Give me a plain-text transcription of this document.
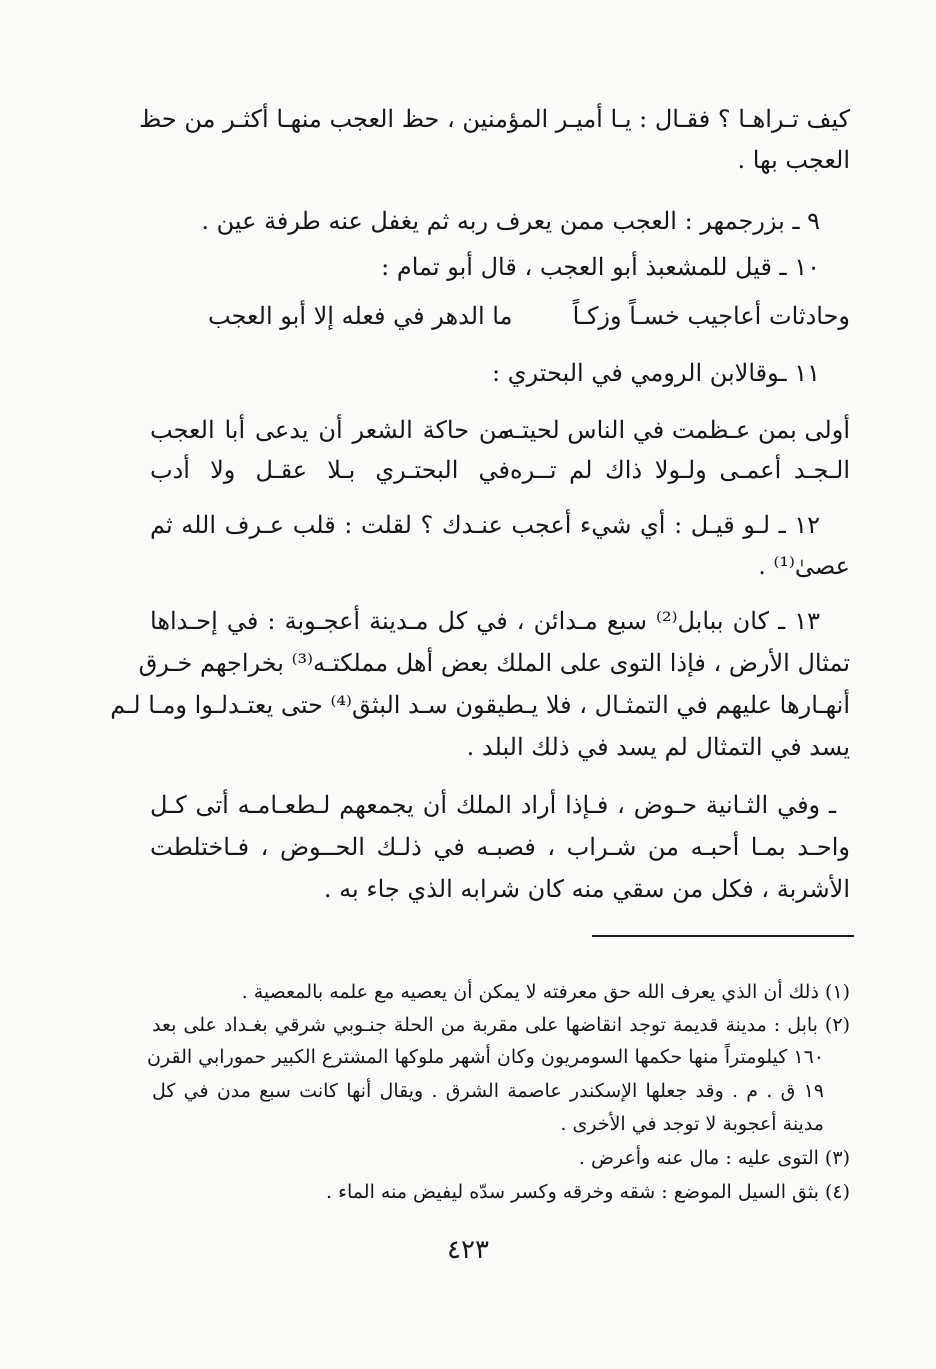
كيف تـراهـا ؟ فقـال : يـا أميـر المؤمنين ، حظ العجب منهـا أكثـر من حظ
العجب بها .
٩ ـ بزرجمهر : العجب ممن يعرف ربه ثم يغفل عنه طرفة عين .
١٠ ـ قيل للمشعبذ أبو العجب ، قال أبو تمام :
وحادثات أعاجيب خسـاً وزكـاً
ما الدهر في فعله إلا أبو العجب
١١ ـوقالابن الرومي في البحتري :
أولى بمن عـظمت في الناس لحيتـه
من حاكة الشعر أن يدعى أبا العجب
الـجـد أعمـى ولـولا ذاك لم تــره
في البحتـري بـلا عقـل ولا أدب
١٢ ـ لـو قيـل : أي شيء أعجب عنـدك ؟ لقلت : قلب عـرف الله ثم
عصىٰ⁽¹⁾ .
١٣ ـ كان ببابل⁽²⁾ سبع مـدائن ، في كل مـدينة أعجـوبة : في إحـداها
تمثال الأرض ، فإذا التوى على الملك بعض أهل مملكتـه⁽³⁾ بخراجهم خـرق
أنهـارها عليهم في التمثـال ، فلا يـطيقون سـد البثق⁽⁴⁾ حتى يعتـدلـوا ومـا لـم
يسد في التمثال لم يسد في ذلك البلد .
ـ وفي الثـانية حـوض ، فـإذا أراد الملك أن يجمعهم لـطعـامـه أتى كـل
واحـد بمـا أحبـه من شـراب ، فصبـه في ذلـك الحــوض ، فـاختلطت
الأشربة ، فكل من سقي منه كان شرابه الذي جاء به .
(١) ذلك أن الذي يعرف الله حق معرفته لا يمكن أن يعصيه مع علمه بالمعصية .
(٢) بابل : مدينة قديمة توجد انقاضها على مقربة من الحلة جنـوبي شرقي بغـداد على بعد
١٦٠ كيلومتراً منها حكمها السومريون وكان أشهر ملوكها المشترع الكبير حمورابي القرن
١٩ ق . م . وقد جعلها الإسكندر عاصمة الشرق . ويقال أنها كانت سبع مدن في كل
مدينة أعجوبة لا توجد في الأخرى .
(٣) التوى عليه : مال عنه وأعرض .
(٤) بثق السيل الموضع : شقه وخرقه وكسر سدّه ليفيض منه الماء .
٤٢٣
